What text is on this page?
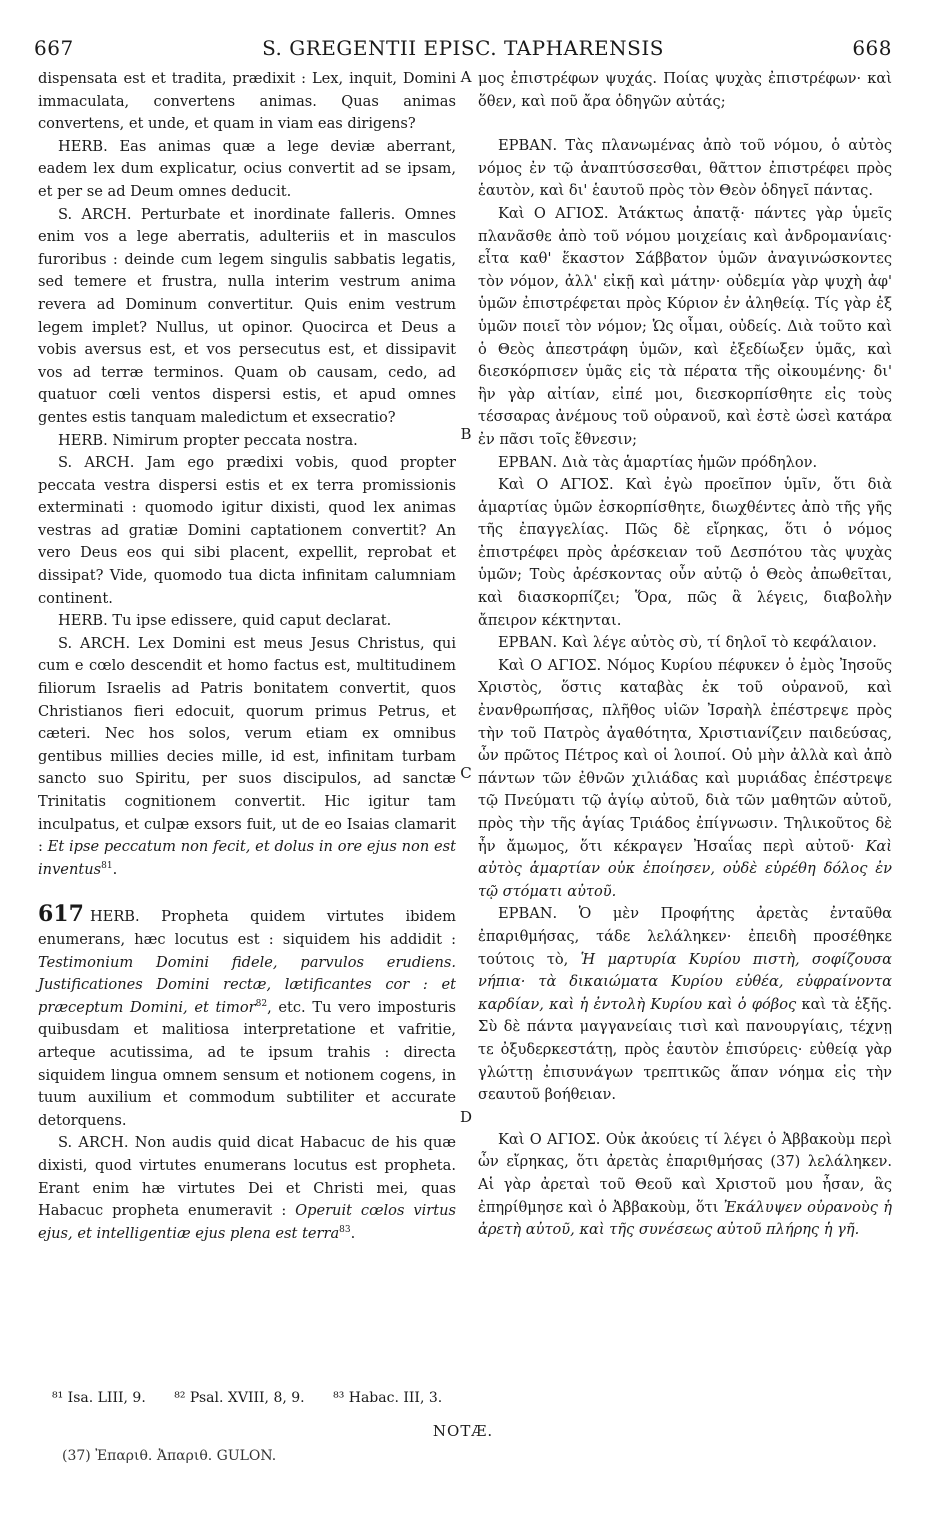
667	S. GREGENTII EPISC. TAPHARENSIS	668

dispensata est et tradita, prædixit : Lex, inquit, Domini immaculata, convertens animas. Quas animas convertens, et unde, et quam in viam eas dirigens?

HERB. Eas animas quæ a lege deviæ aberrant, eadem lex dum explicatur, ocius convertit ad se ipsam, et per se ad Deum omnes deducit.

S. ARCH. Perturbate et inordinate falleris. Omnes enim vos a lege aberratis, adulteriis et in masculos furoribus : deinde cum legem singulis sabbatis legatis, sed temere et frustra, nulla interim vestrum anima revera ad Dominum convertitur. Quis enim vestrum legem implet? Nullus, ut opinor. Quocirca et Deus a vobis aversus est, et vos persecutus est, et dissipavit vos ad terræ terminos. Quam ob causam, cedo, ad quatuor cœli ventos dispersi estis, et apud omnes gentes estis tanquam maledictum et exsecratio?

HERB. Nimirum propter peccata nostra.

S. ARCH. Jam ego prædixi vobis, quod propter peccata vestra dispersi estis et ex terra promissionis exterminati : quomodo igitur dixisti, quod lex animas vestras ad gratiæ Domini captationem convertit? An vero Deus eos qui sibi placent, expellit, reprobat et dissipat? Vide, quomodo tua dicta infinitam calumniam continent.

HERB. Tu ipse edissere, quid caput declarat.

S. ARCH. Lex Domini est meus Jesus Christus, qui cum e cœlo descendit et homo factus est, multitudinem filiorum Israelis ad Patris bonitatem convertit, quos Christianos fieri edocuit, quorum primus Petrus, et cæteri. Nec hos solos, verum etiam ex omnibus gentibus millies decies mille, id est, infinitam turbam sancto suo Spiritu, per suos discipulos, ad sanctæ Trinitatis cognitionem convertit. Hic igitur tam inculpatus, et culpæ exsors fuit, ut de eo Isaias clamarit : Et ipse peccatum non fecit, et dolus in ore ejus non est inventus$^{81}$.

617 HERB. Propheta quidem virtutes ibidem enumerans, hæc locutus est : siquidem his addidit : Testimonium Domini fidele, parvulos erudiens. Justificationes Domini rectæ, lætificantes cor : et præceptum Domini, et timor$^{82}$, etc. Tu vero imposturis quibusdam et malitiosa interpretatione et vafritie, arteque acutissima, ad te ipsum trahis : directa siquidem lingua omnem sensum et notionem cogens, in tuum auxilium et commodum subtiliter et accurate detorquens.

S. ARCH. Non audis quid dicat Habacuc de his quæ dixisti, quod virtutes enumerans locutus est propheta. Erant enim hæ virtutes Dei et Christi mei, quas Habacuc propheta enumeravit : Operuit cœlos virtus ejus, et intelligentiæ ejus plena est terra$^{83}$.

A
B
C
D

μος ἐπιστρέφων ψυχάς. Ποίας ψυχὰς ἐπιστρέφων· καὶ ὅθεν, καὶ ποῦ ἄρα ὁδηγῶν αὐτάς;

ΕΡΒΑΝ. Τὰς πλανωμένας ἀπὸ τοῦ νόμου, ὁ αὐτὸς νόμος ἐν τῷ ἀναπτύσσεσθαι, θᾶττον ἐπιστρέφει πρὸς ἑαυτὸν, καὶ δι' ἑαυτοῦ πρὸς τὸν Θεὸν ὁδηγεῖ πάντας.

Καὶ Ο ΑΓΙΟΣ. Ἀτάκτως ἀπατᾷ· πάντες γὰρ ὑμεῖς πλανᾶσθε ἀπὸ τοῦ νόμου μοιχείαις καὶ ἀνδρομανίαις· εἶτα καθ' ἕκαστον Σάββατον ὑμῶν ἀναγινώσκοντες τὸν νόμον, ἀλλ' εἰκῇ καὶ μάτην· οὐδεμία γὰρ ψυχὴ ἀφ' ὑμῶν ἐπιστρέφεται πρὸς Κύριον ἐν ἀληθείᾳ. Τίς γὰρ ἐξ ὑμῶν ποιεῖ τὸν νόμον; Ὡς οἶμαι, οὐδείς. Διὰ τοῦτο καὶ ὁ Θεὸς ἀπεστράφη ὑμῶν, καὶ ἐξεδίωξεν ὑμᾶς, καὶ διεσκόρπισεν ὑμᾶς εἰς τὰ πέρατα τῆς οἰκουμένης· δι' ἣν γὰρ αἰτίαν, εἰπέ μοι, διεσκορπίσθητε εἰς τοὺς τέσσαρας ἀνέμους τοῦ οὐρανοῦ, καὶ ἐστὲ ὡσεὶ κατάρα ἐν πᾶσι τοῖς ἔθνεσιν;

ΕΡΒΑΝ. Διὰ τὰς ἁμαρτίας ἡμῶν πρόδηλον.

Καὶ Ο ΑΓΙΟΣ. Καὶ ἐγὼ προεῖπον ὑμῖν, ὅτι διὰ ἁμαρτίας ὑμῶν ἐσκορπίσθητε, διωχθέντες ἀπὸ τῆς γῆς τῆς ἐπαγγελίας. Πῶς δὲ εἴρηκας, ὅτι ὁ νόμος ἐπιστρέφει πρὸς ἀρέσκειαν τοῦ Δεσπότου τὰς ψυχὰς ὑμῶν; Τοὺς ἀρέσκοντας οὖν αὐτῷ ὁ Θεὸς ἀπωθεῖται, καὶ διασκορπίζει; Ὅρα, πῶς ἃ λέγεις, διαβολὴν ἄπειρον κέκτηνται.

ΕΡΒΑΝ. Καὶ λέγε αὐτὸς σὺ, τί δηλοῖ τὸ κεφάλαιον.

Καὶ Ο ΑΓΙΟΣ. Νόμος Κυρίου πέφυκεν ὁ ἐμὸς Ἰησοῦς Χριστὸς, ὅστις καταβὰς ἐκ τοῦ οὐρανοῦ, καὶ ἐνανθρωπήσας, πλῆθος υἱῶν Ἰσραὴλ ἐπέστρεψε πρὸς τὴν τοῦ Πατρὸς ἀγαθότητα, Χριστιανίζειν παιδεύσας, ὧν πρῶτος Πέτρος καὶ οἱ λοιποί. Οὐ μὴν ἀλλὰ καὶ ἀπὸ πάντων τῶν ἐθνῶν χιλιάδας καὶ μυριάδας ἐπέστρεψε τῷ Πνεύματι τῷ ἁγίῳ αὐτοῦ, διὰ τῶν μαθητῶν αὐτοῦ, πρὸς τὴν τῆς ἁγίας Τριάδος ἐπίγνωσιν. Τηλικοῦτος δὲ ἦν ἄμωμος, ὅτι κέκραγεν Ἠσαΐας περὶ αὐτοῦ· Καὶ αὐτὸς ἁμαρτίαν οὐκ ἐποίησεν, οὐδὲ εὑρέθη δόλος ἐν τῷ στόματι αὐτοῦ.

ΕΡΒΑΝ. Ὁ μὲν Προφήτης ἀρετὰς ἐνταῦθα ἐπαριθμήσας, τάδε λελάληκεν· ἐπειδὴ προσέθηκε τούτοις τὸ, Ἡ μαρτυρία Κυρίου πιστὴ, σοφίζουσα νήπια· τὰ δικαιώματα Κυρίου εὐθέα, εὐφραίνοντα καρδίαν, καὶ ἡ ἐντολὴ Κυρίου καὶ ὁ φόβος καὶ τὰ ἑξῆς. Σὺ δὲ πάντα μαγγανείαις τισὶ καὶ πανουργίαις, τέχνῃ τε ὀξυδερκεστάτῃ, πρὸς ἑαυτὸν ἐπισύρεις· εὐθείᾳ γὰρ γλώττῃ ἐπισυνάγων τρεπτικῶς ἅπαν νόημα εἰς τὴν σεαυτοῦ βοήθειαν.

Καὶ Ο ΑΓΙΟΣ. Οὐκ ἀκούεις τί λέγει ὁ Ἀββακοὺμ περὶ ὧν εἴρηκας, ὅτι ἀρετὰς ἐπαριθμήσας (37) λελάληκεν. Αἱ γὰρ ἀρεταὶ τοῦ Θεοῦ καὶ Χριστοῦ μου ἦσαν, ἃς ἐπηρίθμησε καὶ ὁ Ἀββακοὺμ, ὅτι Ἐκάλυψεν οὐρανοὺς ἡ ἀρετὴ αὐτοῦ, καὶ τῆς συνέσεως αὐτοῦ πλήρης ἡ γῆ.

⁸¹ Isa. LIII, 9. ⁸² Psal. XVIII, 8, 9. ⁸³ Habac. III, 3.
NOTÆ.
(37) Ἐπαριθ. Ἀπαριθ. GULON.
